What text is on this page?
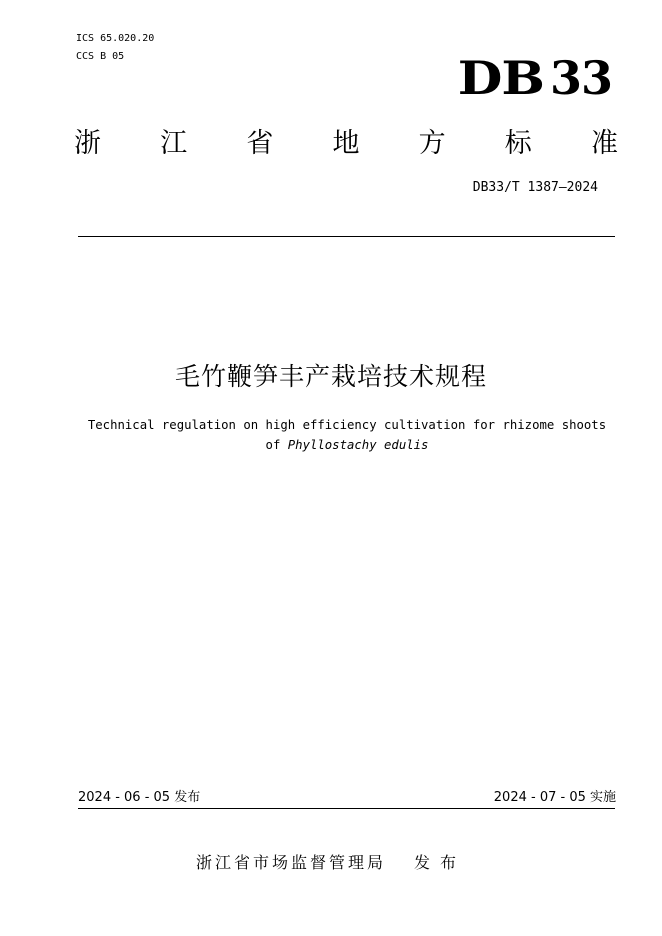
ICS 65.020.20
CCS B 05	DB 33
浙 江 省 地 方 标 准
DB33/T 1387—2024
毛竹鞭笋丰产栽培技术规程
Technical regulation on high efficiency cultivation for rhizome shoots
of Phyllostachy edulis
2024 - 06 - 05 发布	2024 - 07 - 05 实施
浙江省市场监督管理局 发布
